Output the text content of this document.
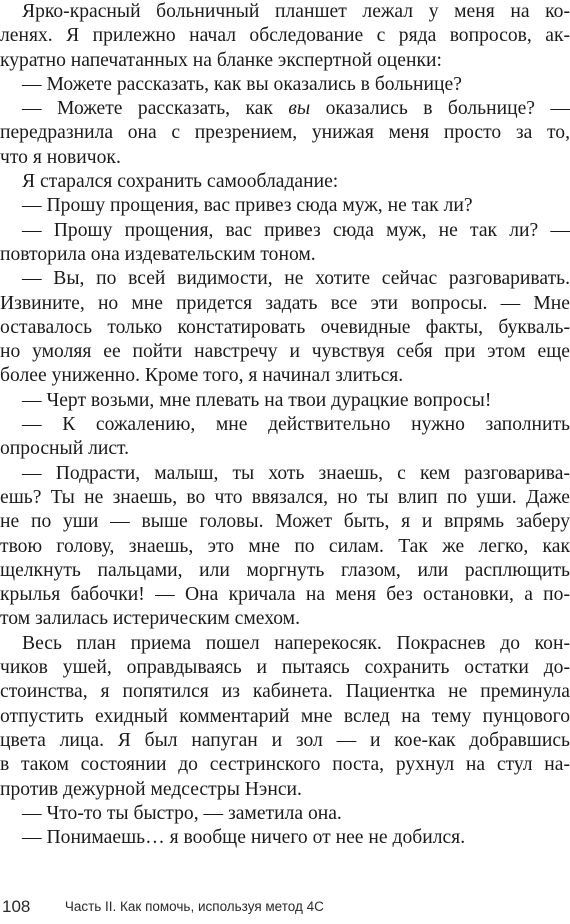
Ярко-красный больничный планшет лежал у меня на ко-
ленях. Я прилежно начал обследование с ряда вопросов, ак-
куратно напечатанных на бланке экспертной оценки:
— Можете рассказать, как вы оказались в больнице?
— Можете рассказать, как вы оказались в больнице? —
передразнила она с презрением, унижая меня просто за то,
что я новичок.
Я старался сохранить самообладание:
— Прошу прощения, вас привез сюда муж, не так ли?
— Прошу прощения, вас привез сюда муж, не так ли? —
повторила она издевательским тоном.
— Вы, по всей видимости, не хотите сейчас разговаривать.
Извините, но мне придется задать все эти вопросы. — Мне
оставалось только констатировать очевидные факты, букваль-
но умоляя ее пойти навстречу и чувствуя себя при этом еще
более униженно. Кроме того, я начинал злиться.
— Черт возьми, мне плевать на твои дурацкие вопросы!
— К сожалению, мне действительно нужно заполнить
опросный лист.
— Подрасти, малыш, ты хоть знаешь, с кем разговарива-
ешь? Ты не знаешь, во что ввязался, но ты влип по уши. Даже
не по уши — выше головы. Может быть, я и впрямь заберу
твою голову, знаешь, это мне по силам. Так же легко, как
щелкнуть пальцами, или моргнуть глазом, или расплющить
крылья бабочки! — Она кричала на меня без остановки, а по-
том залилась истерическим смехом.
Весь план приема пошел наперекосяк. Покраснев до кон-
чиков ушей, оправдываясь и пытаясь сохранить остатки до-
стоинства, я попятился из кабинета. Пациентка не преминула
отпустить ехидный комментарий мне вслед на тему пунцового
цвета лица. Я был напуган и зол — и кое-как добравшись
в таком состоянии до сестринского поста, рухнул на стул на-
против дежурной медсестры Нэнси.
— Что-то ты быстро, — заметила она.
— Понимаешь… я вообще ничего от нее не добился.
108	Часть II. Как помочь, используя метод 4С
